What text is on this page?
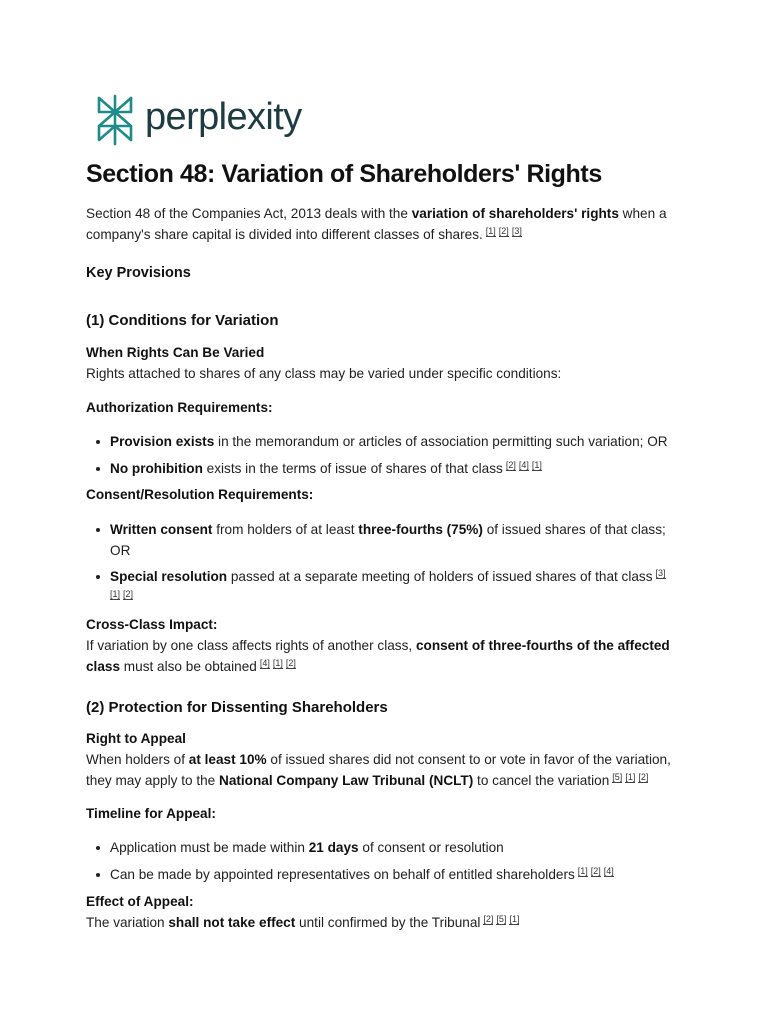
perplexity
Section 48: Variation of Shareholders' Rights

Section 48 of the Companies Act, 2013 deals with the variation of shareholders' rights when a company's share capital is divided into different classes of shares. [1] [2] [3]

Key Provisions
(1) Conditions for Variation
When Rights Can Be Varied

Rights attached to shares of any class may be varied under specific conditions:

Authorization Requirements:
Provision exists in the memorandum or articles of association permitting such variation; OR
No prohibition exists in the terms of issue of shares of that class [2] [4] [1]
Consent/Resolution Requirements:
Written consent from holders of at least three-fourths (75%) of issued shares of that class; OR
Special resolution passed at a separate meeting of holders of issued shares of that class [3]
[1] [2]
Cross-Class Impact:

If variation by one class affects rights of another class, consent of three-fourths of the affected class must also be obtained [4] [1] [2]

(2) Protection for Dissenting Shareholders
Right to Appeal

When holders of at least 10% of issued shares did not consent to or vote in favor of the variation, they may apply to the National Company Law Tribunal (NCLT) to cancel the variation [5] [1] [2]

Timeline for Appeal:
Application must be made within 21 days of consent or resolution
Can be made by appointed representatives on behalf of entitled shareholders [1] [2] [4]
Effect of Appeal:

The variation shall not take effect until confirmed by the Tribunal [2] [5] [1]
